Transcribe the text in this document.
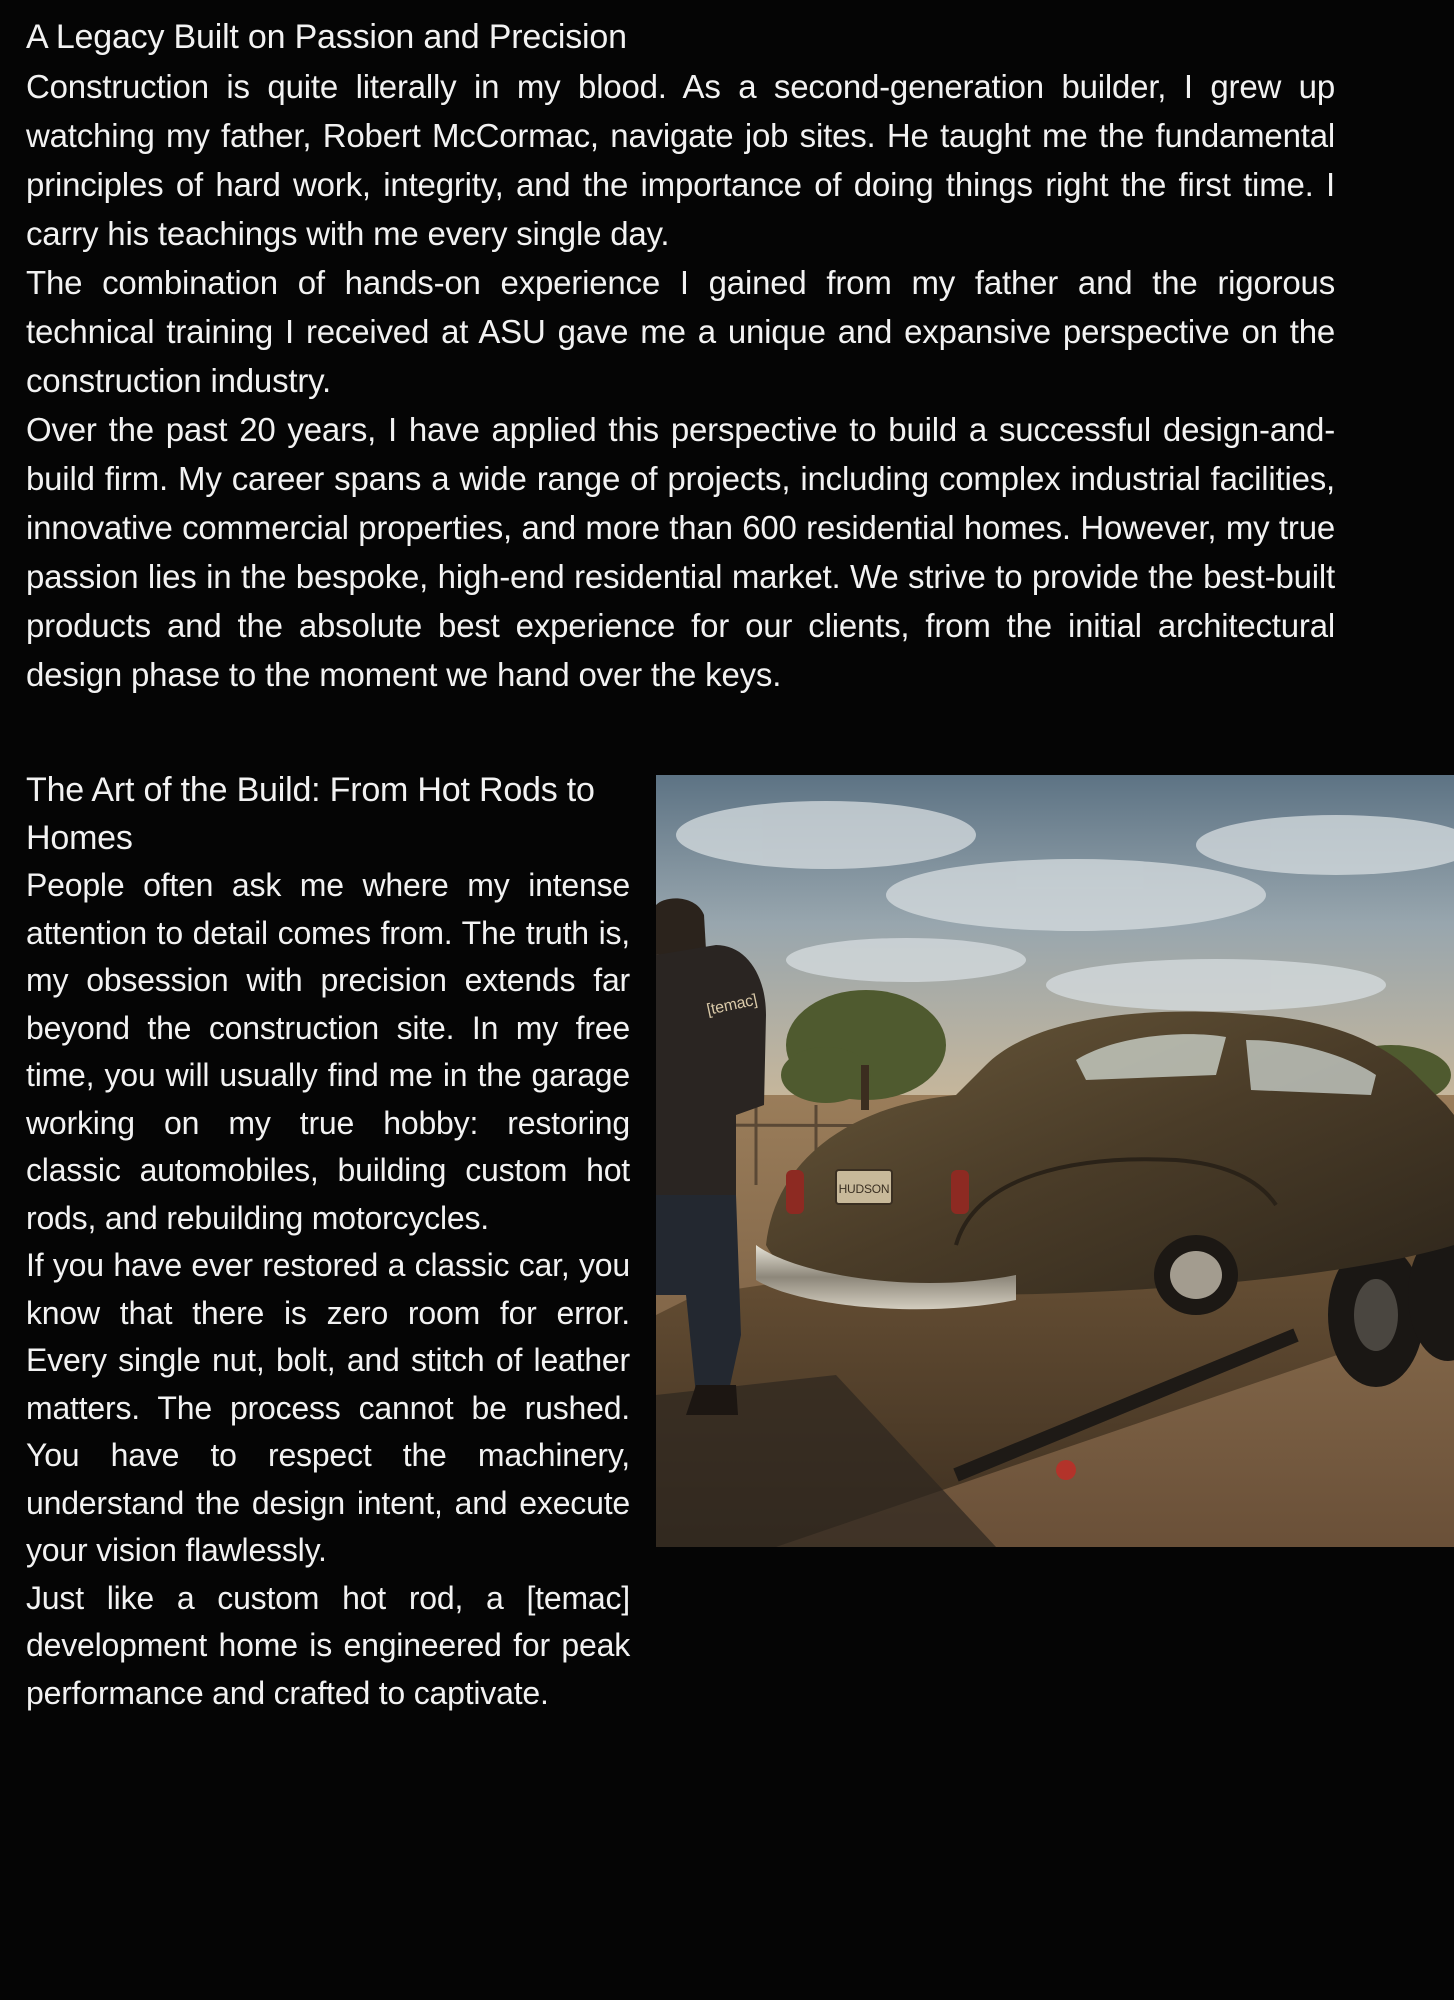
A Legacy Built on Passion and Precision

Construction is quite literally in my blood. As a second-generation builder, I grew up watching my father, Robert McCormac, navigate job sites. He taught me the fundamental principles of hard work, integrity, and the importance of doing things right the first time. I carry his teachings with me every single day.

The combination of hands-on experience I gained from my father and the rigorous technical training I received at ASU gave me a unique and expansive perspective on the construction industry.

Over the past 20 years, I have applied this perspective to build a successful design-and-build firm. My career spans a wide range of projects, including complex industrial facilities, innovative commercial properties, and more than 600 residential homes. However, my true passion lies in the bespoke, high-end residential market. We strive to provide the best-built products and the absolute best experience for our clients, from the initial architectural design phase to the moment we hand over the keys.

The Art of the Build: From Hot Rods to Homes

People often ask me where my intense attention to detail comes from. The truth is, my obsession with precision extends far beyond the construction site. In my free time, you will usually find me in the garage working on my true hobby: restoring classic automobiles, building custom hot rods, and rebuilding motorcycles.

If you have ever restored a classic car, you know that there is zero room for error. Every single nut, bolt, and stitch of leather matters. The process cannot be rushed. You have to respect the machinery, understand the design intent, and execute your vision flawlessly.

Just like a custom hot rod, a [temac] development home is engineered for peak performance and crafted to captivate.

HUDSON
[temac]
